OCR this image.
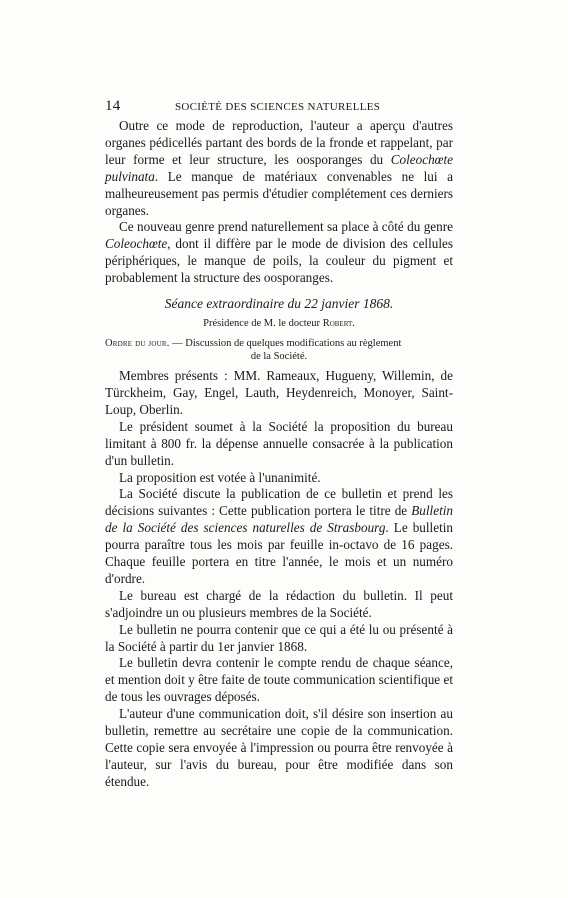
14	SOCIÉTÉ DES SCIENCES NATURELLES

Outre ce mode de reproduction, l'auteur a aperçu d'autres organes pédicellés partant des bords de la fronde et rappelant, par leur forme et leur structure, les oosporanges du Coleochœte pulvinata. Le manque de matériaux convenables ne lui a malheureusement pas permis d'étudier complétement ces derniers organes.

Ce nouveau genre prend naturellement sa place à côté du genre Coleochœte, dont il diffère par le mode de division des cellules périphériques, le manque de poils, la couleur du pigment et probablement la structure des oosporanges.

Séance extraordinaire du 22 janvier 1868.
Présidence de M. le docteur Robert.
Ordre du jour. — Discussion de quelques modifications au règlement
de la Société.

Membres présents : MM. Rameaux, Hugueny, Willemin, de Türckheim, Gay, Engel, Lauth, Heydenreich, Monoyer, Saint-Loup, Oberlin.

Le président soumet à la Société la proposition du bureau limitant à 800 fr. la dépense annuelle consacrée à la publication d'un bulletin.

La proposition est votée à l'unanimité.

La Société discute la publication de ce bulletin et prend les décisions suivantes : Cette publication portera le titre de Bulletin de la Société des sciences naturelles de Strasbourg. Le bulletin pourra paraître tous les mois par feuille in-octavo de 16 pages. Chaque feuille portera en titre l'année, le mois et un numéro d'ordre.

Le bureau est chargé de la rédaction du bulletin. Il peut s'adjoindre un ou plusieurs membres de la Société.

Le bulletin ne pourra contenir que ce qui a été lu ou présenté à la Société à partir du 1er janvier 1868.

Le bulletin devra contenir le compte rendu de chaque séance, et mention doit y être faite de toute communication scientifique et de tous les ouvrages déposés.

L'auteur d'une communication doit, s'il désire son insertion au bulletin, remettre au secrétaire une copie de la communication. Cette copie sera envoyée à l'impression ou pourra être renvoyée à l'auteur, sur l'avis du bureau, pour être modifiée dans son étendue.
